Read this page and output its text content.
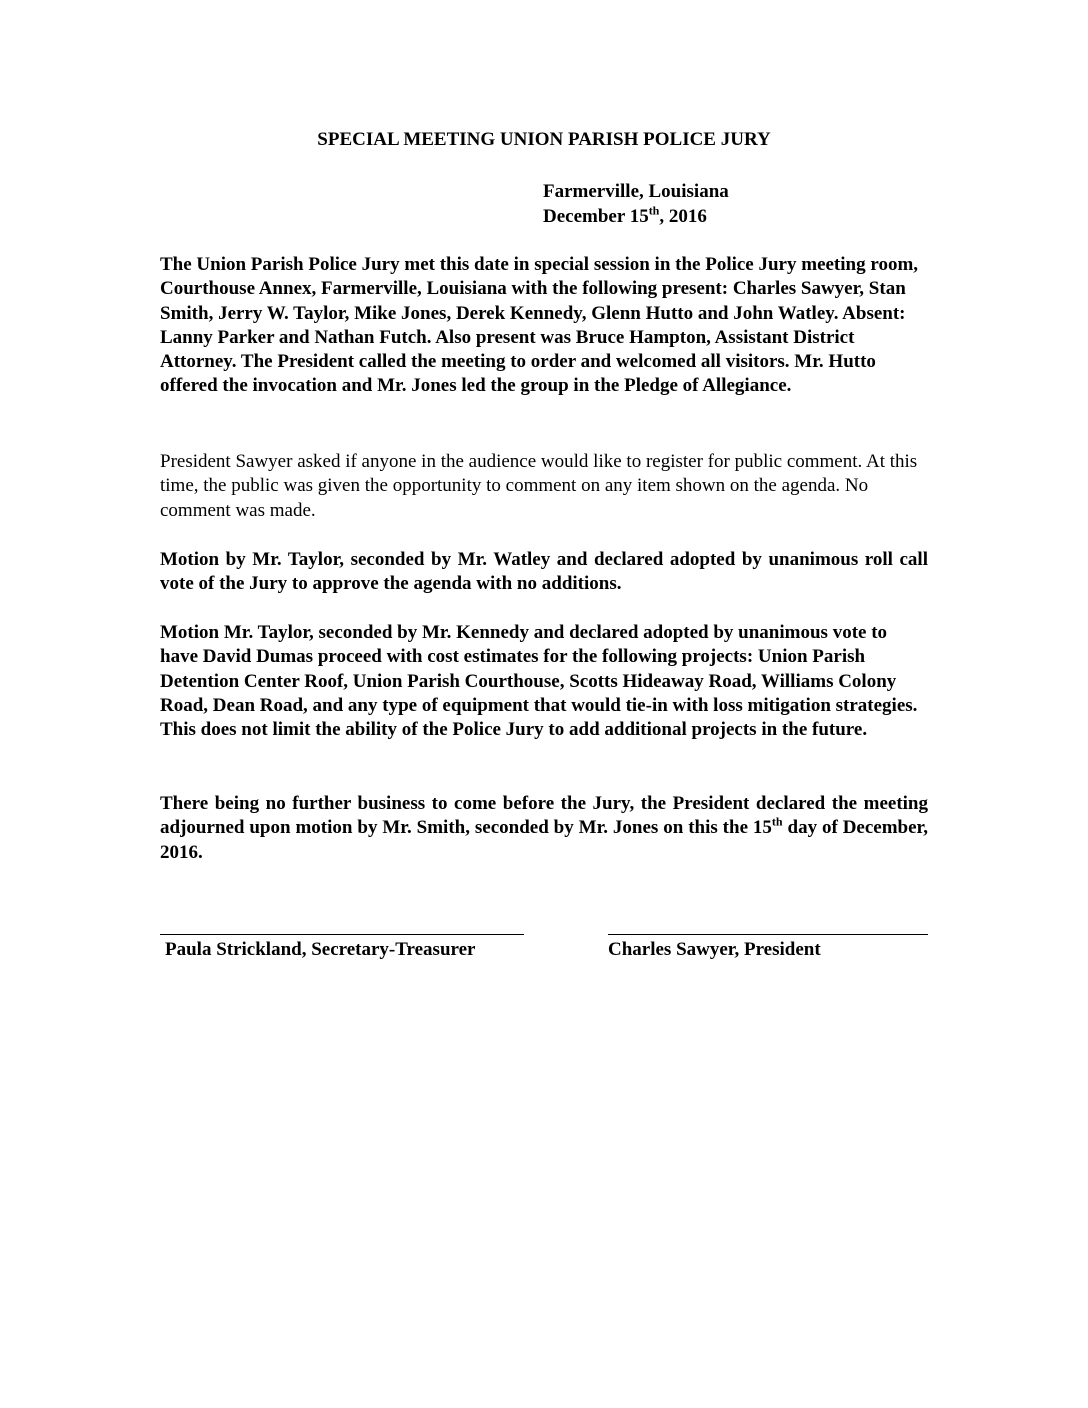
SPECIAL MEETING UNION PARISH POLICE JURY
Farmerville, Louisiana
December 15th, 2016

The Union Parish Police Jury met this date in special session in the Police Jury meeting room, Courthouse Annex, Farmerville, Louisiana with the following present: Charles Sawyer, Stan Smith, Jerry W. Taylor, Mike Jones, Derek Kennedy, Glenn Hutto and John Watley. Absent: Lanny Parker and Nathan Futch. Also present was Bruce Hampton, Assistant District Attorney. The President called the meeting to order and welcomed all visitors. Mr. Hutto offered the invocation and Mr. Jones led the group in the Pledge of Allegiance.

President Sawyer asked if anyone in the audience would like to register for public comment. At this time, the public was given the opportunity to comment on any item shown on the agenda. No comment was made.

Motion by Mr. Taylor, seconded by Mr. Watley and declared adopted by unanimous roll call vote of the Jury to approve the agenda with no additions.

Motion Mr. Taylor, seconded by Mr. Kennedy and declared adopted by unanimous vote to have David Dumas proceed with cost estimates for the following projects: Union Parish Detention Center Roof, Union Parish Courthouse, Scotts Hideaway Road, Williams Colony Road, Dean Road, and any type of equipment that would tie-in with loss mitigation strategies. This does not limit the ability of the Police Jury to add additional projects in the future.

There being no further business to come before the Jury, the President declared the meeting adjourned upon motion by Mr. Smith, seconded by Mr. Jones on this the 15th day of December, 2016.

Paula Strickland, Secretary-Treasurer	Charles Sawyer, President
